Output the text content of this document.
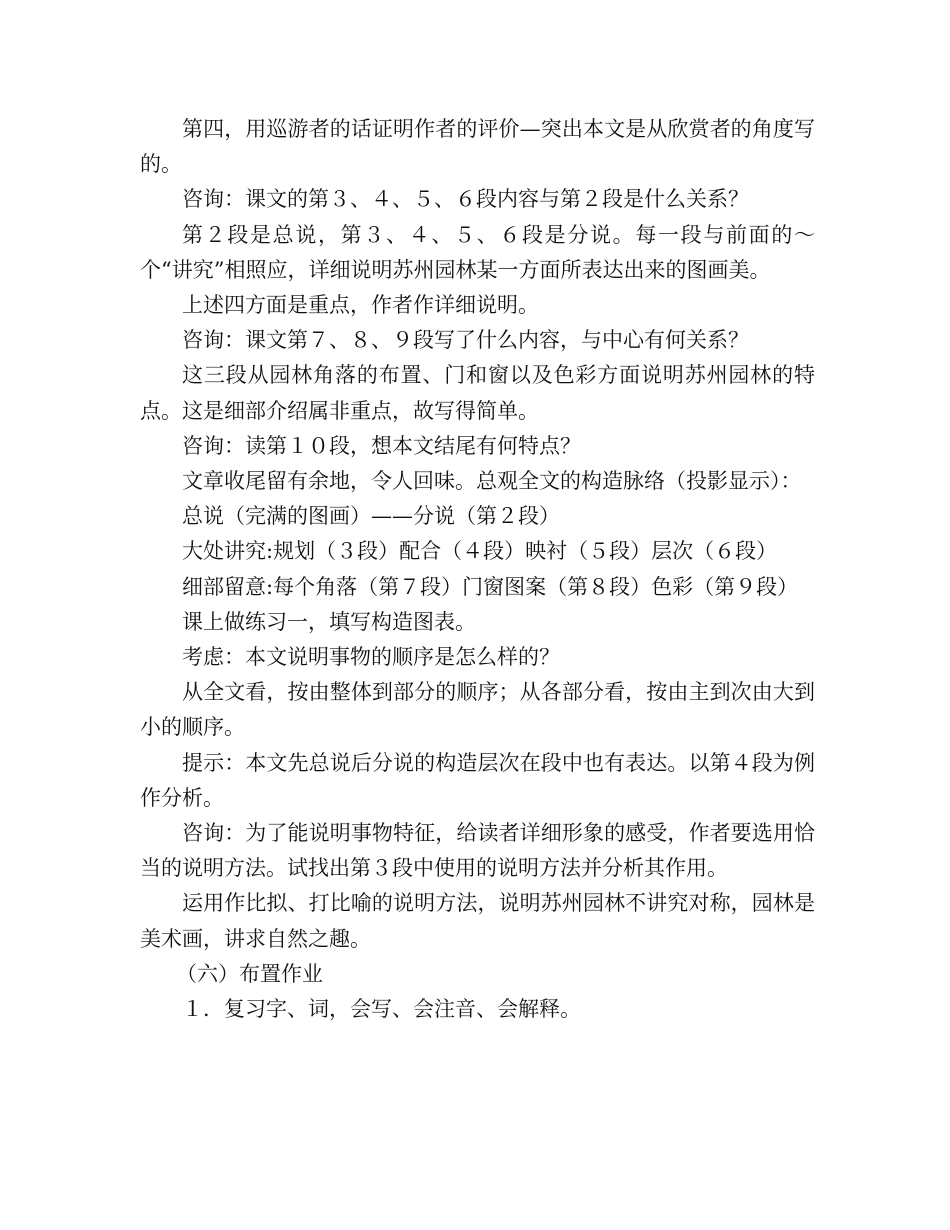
第四，用巡游者的话证明作者的评价—突出本文是从欣赏者的角度写的。

咨询：课文的第３、４、５、６段内容与第２段是什么关系？

第２段是总说，第３、４、５、６段是分说。每一段与前面的～个“讲究”相照应，详细说明苏州园林某一方面所表达出来的图画美。

上述四方面是重点，作者作详细说明。

咨询：课文第７、８、９段写了什么内容，与中心有何关系？

这三段从园林角落的布置、门和窗以及色彩方面说明苏州园林的特点。这是细部介绍属非重点，故写得简单。

咨询：读第１０段，想本文结尾有何特点？

文章收尾留有余地，令人回味。总观全文的构造脉络（投影显示）：

总说（完满的图画）——分说（第２段）

大处讲究:规划（３段）配合（４段）映衬（５段）层次（６段）

细部留意:每个角落（第７段）门窗图案（第８段）色彩（第９段）

课上做练习一，填写构造图表。

考虑：本文说明事物的顺序是怎么样的？

从全文看，按由整体到部分的顺序；从各部分看，按由主到次由大到小的顺序。

提示：本文先总说后分说的构造层次在段中也有表达。以第４段为例作分析。

咨询：为了能说明事物特征，给读者详细形象的感受，作者要选用恰当的说明方法。试找出第３段中使用的说明方法并分析其作用。

运用作比拟、打比喻的说明方法，说明苏州园林不讲究对称，园林是美术画，讲求自然之趣。

（六）布置作业

１．复习字、词，会写、会注音、会解释。
